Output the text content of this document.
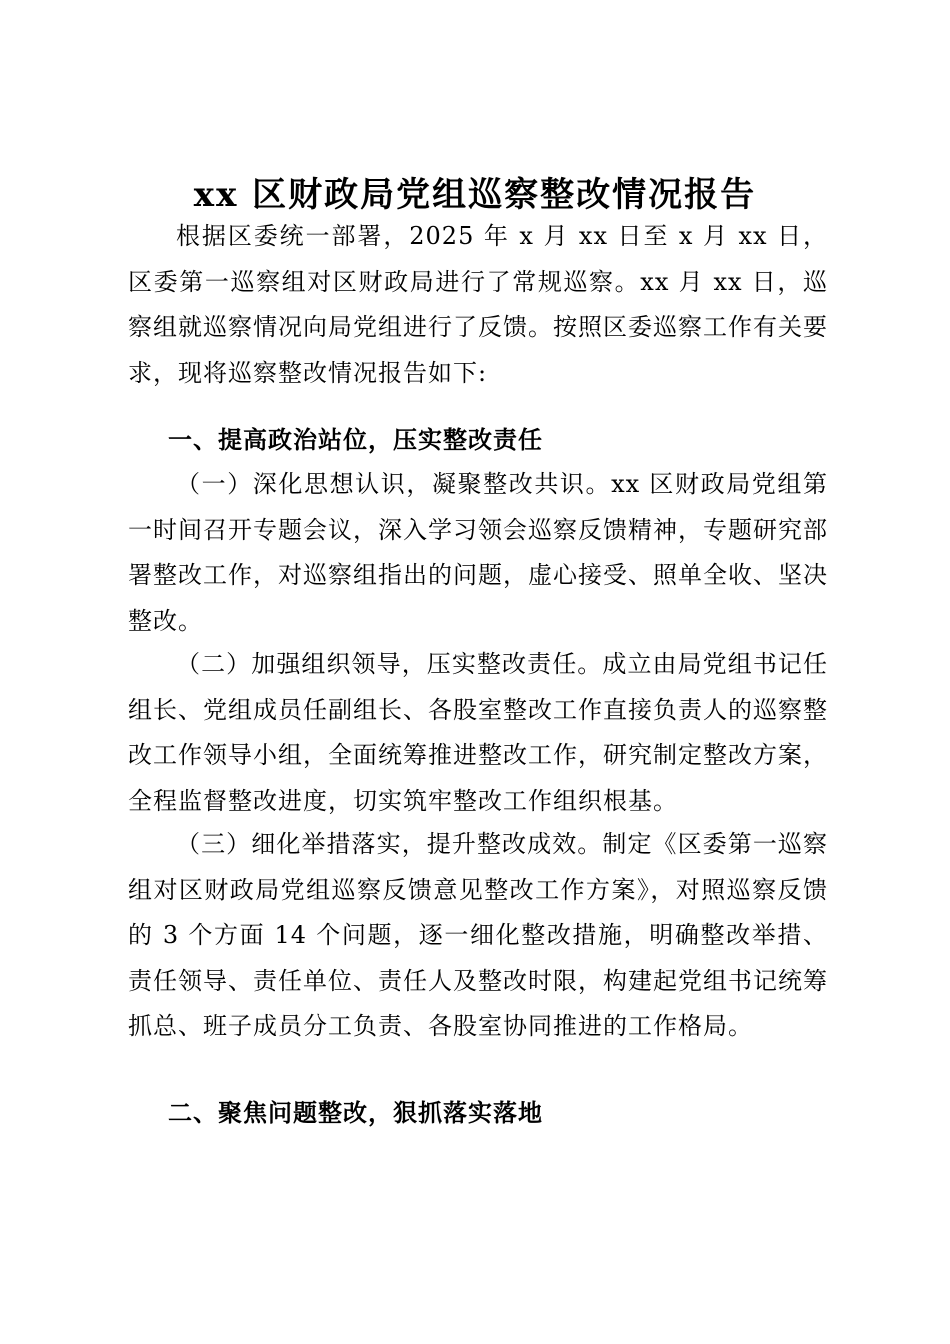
xx 区财政局党组巡察整改情况报告

根据区委统一部署，2025 年 x 月 xx 日至 x 月 xx 日，区委第一巡察组对区财政局进行了常规巡察。xx 月 xx 日，巡察组就巡察情况向局党组进行了反馈。按照区委巡察工作有关要求，现将巡察整改情况报告如下:

一、提高政治站位，压实整改责任

（一）深化思想认识，凝聚整改共识。xx 区财政局党组第一时间召开专题会议，深入学习领会巡察反馈精神，专题研究部署整改工作，对巡察组指出的问题，虚心接受、照单全收、坚决整改。

（二）加强组织领导，压实整改责任。成立由局党组书记任组长、党组成员任副组长、各股室整改工作直接负责人的巡察整改工作领导小组，全面统筹推进整改工作，研究制定整改方案，全程监督整改进度，切实筑牢整改工作组织根基。

（三）细化举措落实，提升整改成效。制定《区委第一巡察组对区财政局党组巡察反馈意见整改工作方案》，对照巡察反馈的 3 个方面 14 个问题，逐一细化整改措施，明确整改举措、责任领导、责任单位、责任人及整改时限，构建起党组书记统筹抓总、班子成员分工负责、各股室协同推进的工作格局。

二、聚焦问题整改，狠抓落实落地
